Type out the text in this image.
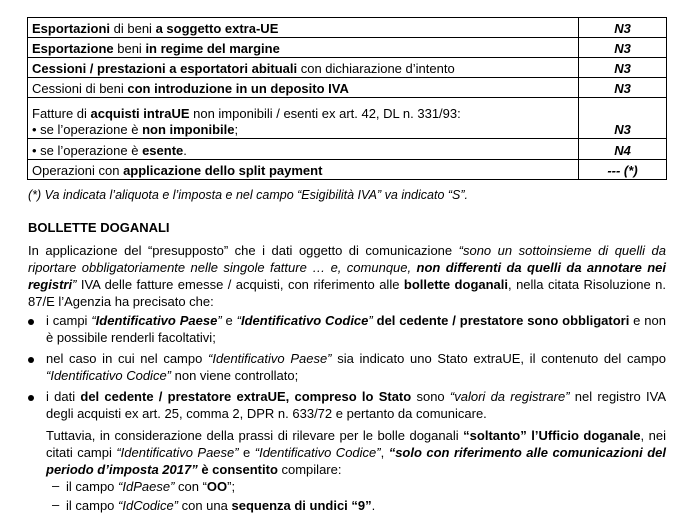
Esportazioni di beni a soggetto extra-UE	N3
Esportazione beni in regime del margine	N3
Cessioni / prestazioni a esportatori abituali con dichiarazione d’intento	N3
Cessioni di beni con introduzione in un deposito IVA	N3
Fatture di acquisti intraUE non imponibili / esenti ex art. 42, DL n. 331/93:
• se l’operazione è non imponibile;	N3
• se l’operazione è esente.	N4
Operazioni con applicazione dello split payment	--- (*)
(*) Va indicata l’aliquota e l’imposta e nel campo “Esigibilità IVA” va indicato “S”.
BOLLETTE DOGANALI
In applicazione del “presupposto” che i dati oggetto di comunicazione “sono un sottoinsieme di quelli da riportare obbligatoriamente nelle singole fatture … e, comunque, non differenti da quelli da annotare nei registri” IVA delle fatture emesse / acquisti, con riferimento alle bollette doganali, nella citata Risoluzione n. 87/E l’Agenzia ha precisato che:
i campi “Identificativo Paese” e “Identificativo Codice” del cedente / prestatore sono obbligatori e non è possibile renderli facoltativi;
nel caso in cui nel campo “Identificativo Paese” sia indicato uno Stato extraUE, il contenuto del campo “Identificativo Codice” non viene controllato;
i dati del cedente / prestatore extraUE, compreso lo Stato sono “valori da registrare” nel registro IVA degli acquisti ex art. 25, comma 2, DPR n. 633/72 e pertanto da comunicare.
Tuttavia, in considerazione della prassi di rilevare per le bolle doganali “soltanto” l’Ufficio doganale, nei citati campi “Identificativo Paese” e “Identificativo Codice”, “solo con riferimento alle comunicazioni del periodo d’imposta 2017” è consentito compilare:
– il campo “IdPaese” con “OO”;
– il campo “IdCodice” con una sequenza di undici “9”.
